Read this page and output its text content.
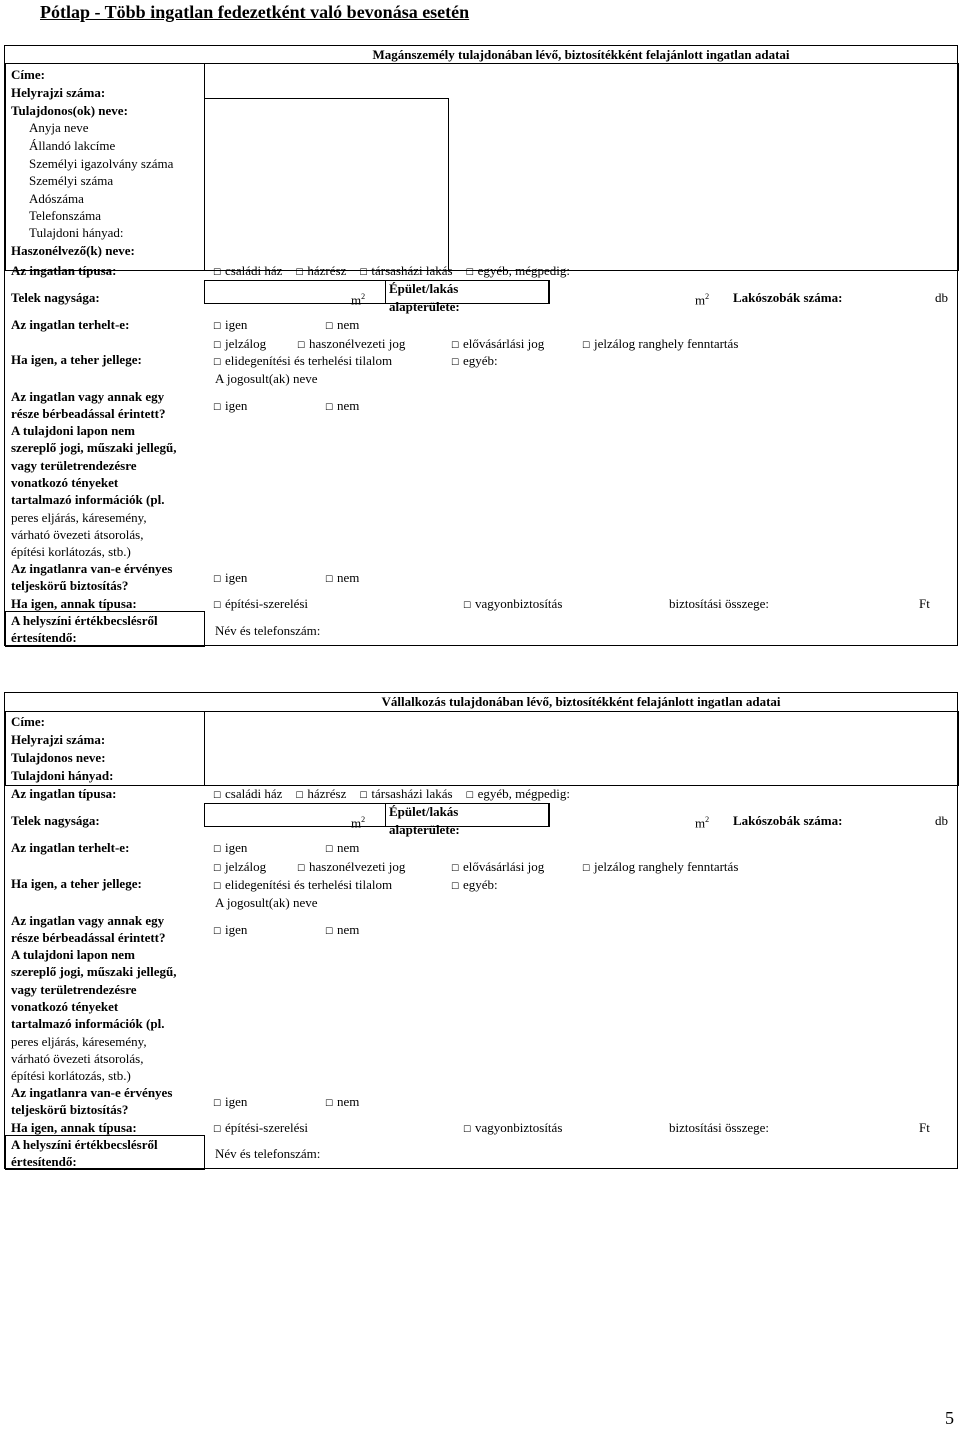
Pótlap - Több ingatlan fedezetként való bevonása esetén
Magánszemély tulajdonában lévő, biztosítékként felajánlott ingatlan adatai
Címe:
Helyrajzi száma:
Tulajdonos(ok) neve:
Anyja neve
Állandó lakcíme
Személyi igazolvány száma
Személyi száma
Adószáma
Telefonszáma
Tulajdoni hányad:
Haszonélvező(k) neve:
Az ingatlan típusa:	☐ családi ház ☐ házrész ☐ társasházi lakás ☐ egyéb, mégpedig:
Telek nagysága:	$m^2$
Épület/lakás
alapterülete:	$m^2$ Lakószobák száma:	db
Az ingatlan terhelt-e:	☐ igen	☐ nem
Ha igen, a teher jellege:
☐ jelzálog	☐ haszonélvezeti jog	☐ elővásárlási jog	☐ jelzálog ranghely fenntartás
☐ elidegenítési és terhelési tilalom	☐ egyéb:
A jogosult(ak) neve
Az ingatlan vagy annak egy
része bérbeadással érintett?	☐ igen	☐ nem
A tulajdoni lapon nem
szereplő jogi, műszaki jellegű,
vagy területrendezésre
vonatkozó tényeket
tartalmazó információk (pl.
peres eljárás, káresemény,
várható övezeti átsorolás,
építési korlátozás, stb.)
Az ingatlanra van-e érvényes
teljeskörű biztosítás?	☐ igen	☐ nem
Ha igen, annak típusa:	☐ építési-szerelési	☐ vagyonbiztosítás	biztosítási összege:	Ft
A helyszíni értékbecslésről
értesítendő:	Név és telefonszám:
Vállalkozás tulajdonában lévő, biztosítékként felajánlott ingatlan adatai
Címe:
Helyrajzi száma:
Tulajdonos neve:
Tulajdoni hányad:
Az ingatlan típusa:	☐ családi ház ☐ házrész ☐ társasházi lakás ☐ egyéb, mégpedig:
Telek nagysága:	$m^2$
Épület/lakás
alapterülete:	$m^2$ Lakószobák száma:	db
Az ingatlan terhelt-e:	☐ igen	☐ nem
Ha igen, a teher jellege:
☐ jelzálog	☐ haszonélvezeti jog	☐ elővásárlási jog	☐ jelzálog ranghely fenntartás
☐ elidegenítési és terhelési tilalom	☐ egyéb:
A jogosult(ak) neve
Az ingatlan vagy annak egy
része bérbeadással érintett?	☐ igen	☐ nem
A tulajdoni lapon nem
szereplő jogi, műszaki jellegű,
vagy területrendezésre
vonatkozó tényeket
tartalmazó információk (pl.
peres eljárás, káresemény,
várható övezeti átsorolás,
építési korlátozás, stb.)
Az ingatlanra van-e érvényes
teljeskörű biztosítás?	☐ igen	☐ nem
Ha igen, annak típusa:	☐ építési-szerelési	☐ vagyonbiztosítás	biztosítási összege:	Ft
A helyszíni értékbecslésről
értesítendő:
Név és telefonszám:
5
